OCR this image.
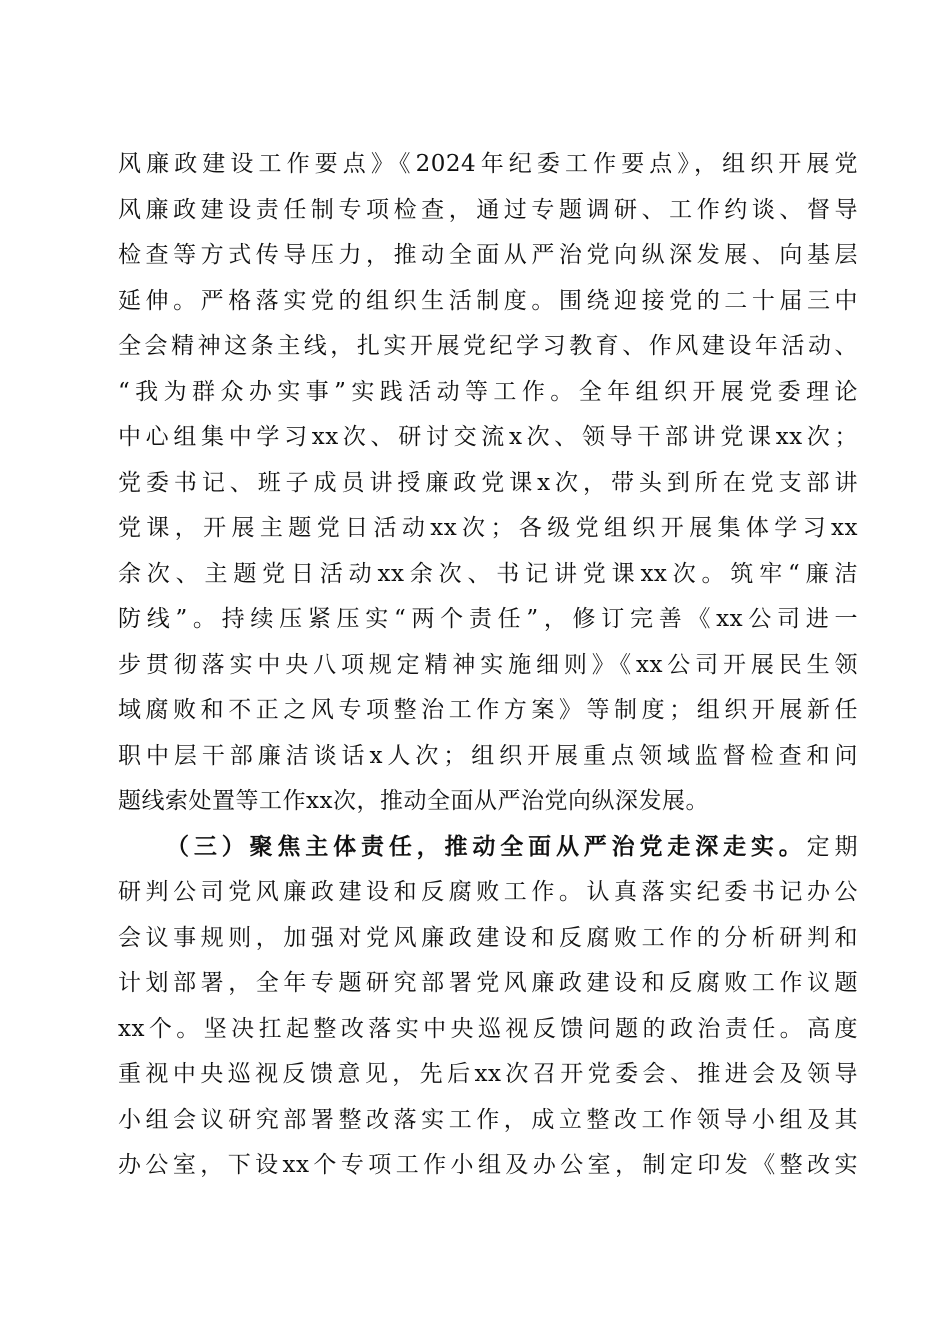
风廉政建设工作要点》《2024年纪委工作要点》，组织开展党
风廉政建设责任制专项检查，通过专题调研、工作约谈、督导
检查等方式传导压力，推动全面从严治党向纵深发展、向基层
延伸。严格落实党的组织生活制度。围绕迎接党的二十届三中
全会精神这条主线，扎实开展党纪学习教育、作风建设年活动、
“我为群众办实事”实践活动等工作。全年组织开展党委理论
中心组集中学习xx次、研讨交流x次、领导干部讲党课xx次；
党委书记、班子成员讲授廉政党课x次，带头到所在党支部讲
党课，开展主题党日活动xx次；各级党组织开展集体学习xx
余次、主题党日活动xx余次、书记讲党课xx次。筑牢“廉洁
防线”。持续压紧压实“两个责任”，修订完善《xx公司进一
步贯彻落实中央八项规定精神实施细则》《xx公司开展民生领
域腐败和不正之风专项整治工作方案》等制度；组织开展新任
职中层干部廉洁谈话x人次；组织开展重点领域监督检查和问
题线索处置等工作xx次，推动全面从严治党向纵深发展。
（三）聚焦主体责任，推动全面从严治党走深走实。定期
研判公司党风廉政建设和反腐败工作。认真落实纪委书记办公
会议事规则，加强对党风廉政建设和反腐败工作的分析研判和
计划部署，全年专题研究部署党风廉政建设和反腐败工作议题
xx个。坚决扛起整改落实中央巡视反馈问题的政治责任。高度
重视中央巡视反馈意见，先后xx次召开党委会、推进会及领导
小组会议研究部署整改落实工作，成立整改工作领导小组及其
办公室，下设xx个专项工作小组及办公室，制定印发《整改实
